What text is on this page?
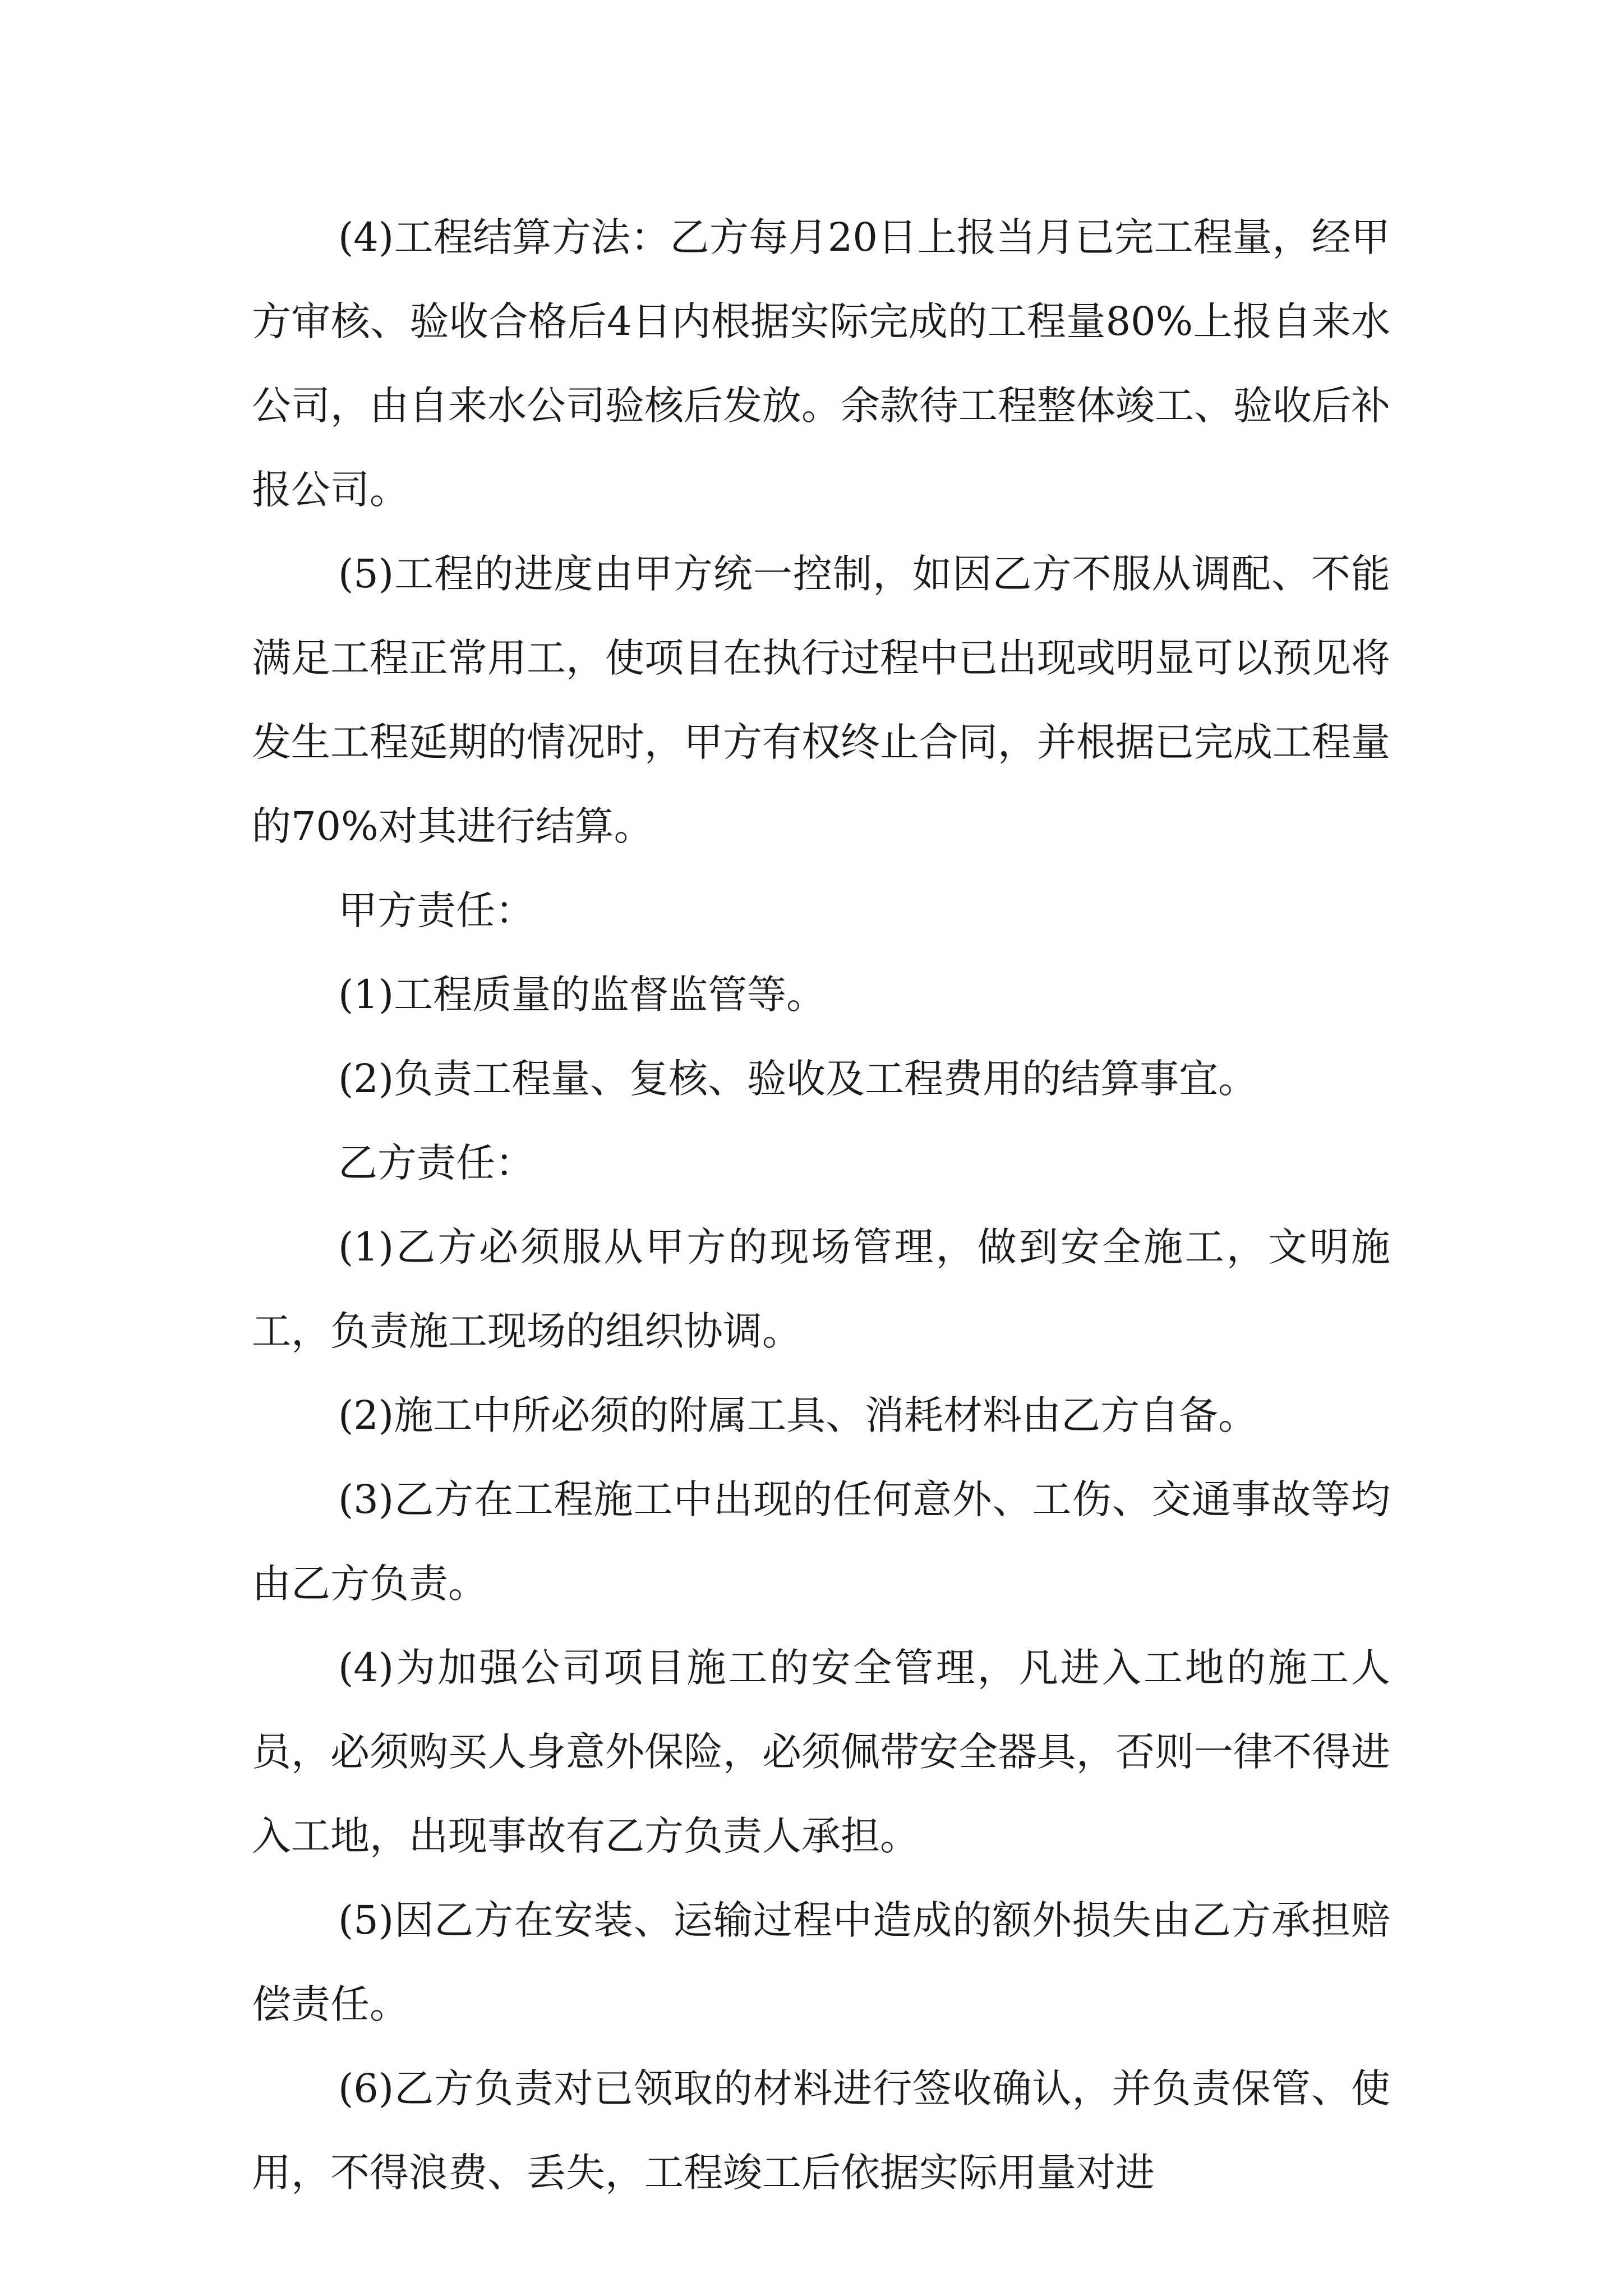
(4)工程结算方法：乙方每月20日上报当月已完工程量，经甲方审核、验收合格后4日内根据实际完成的工程量80%上报自来水公司，由自来水公司验核后发放。余款待工程整体竣工、验收后补报公司。

(5)工程的进度由甲方统一控制，如因乙方不服从调配、不能满足工程正常用工，使项目在执行过程中已出现或明显可以预见将发生工程延期的情况时，甲方有权终止合同，并根据已完成工程量的70%对其进行结算。

甲方责任：

(1)工程质量的监督监管等。

(2)负责工程量、复核、验收及工程费用的结算事宜。

乙方责任：

(1)乙方必须服从甲方的现场管理，做到安全施工，文明施工，负责施工现场的组织协调。

(2)施工中所必须的附属工具、消耗材料由乙方自备。

(3)乙方在工程施工中出现的任何意外、工伤、交通事故等均由乙方负责。

(4)为加强公司项目施工的安全管理，凡进入工地的施工人员，必须购买人身意外保险，必须佩带安全器具，否则一律不得进入工地，出现事故有乙方负责人承担。

(5)因乙方在安装、运输过程中造成的额外损失由乙方承担赔偿责任。

(6)乙方负责对已领取的材料进行签收确认，并负责保管、使用，不得浪费、丢失，工程竣工后依据实际用量对进
